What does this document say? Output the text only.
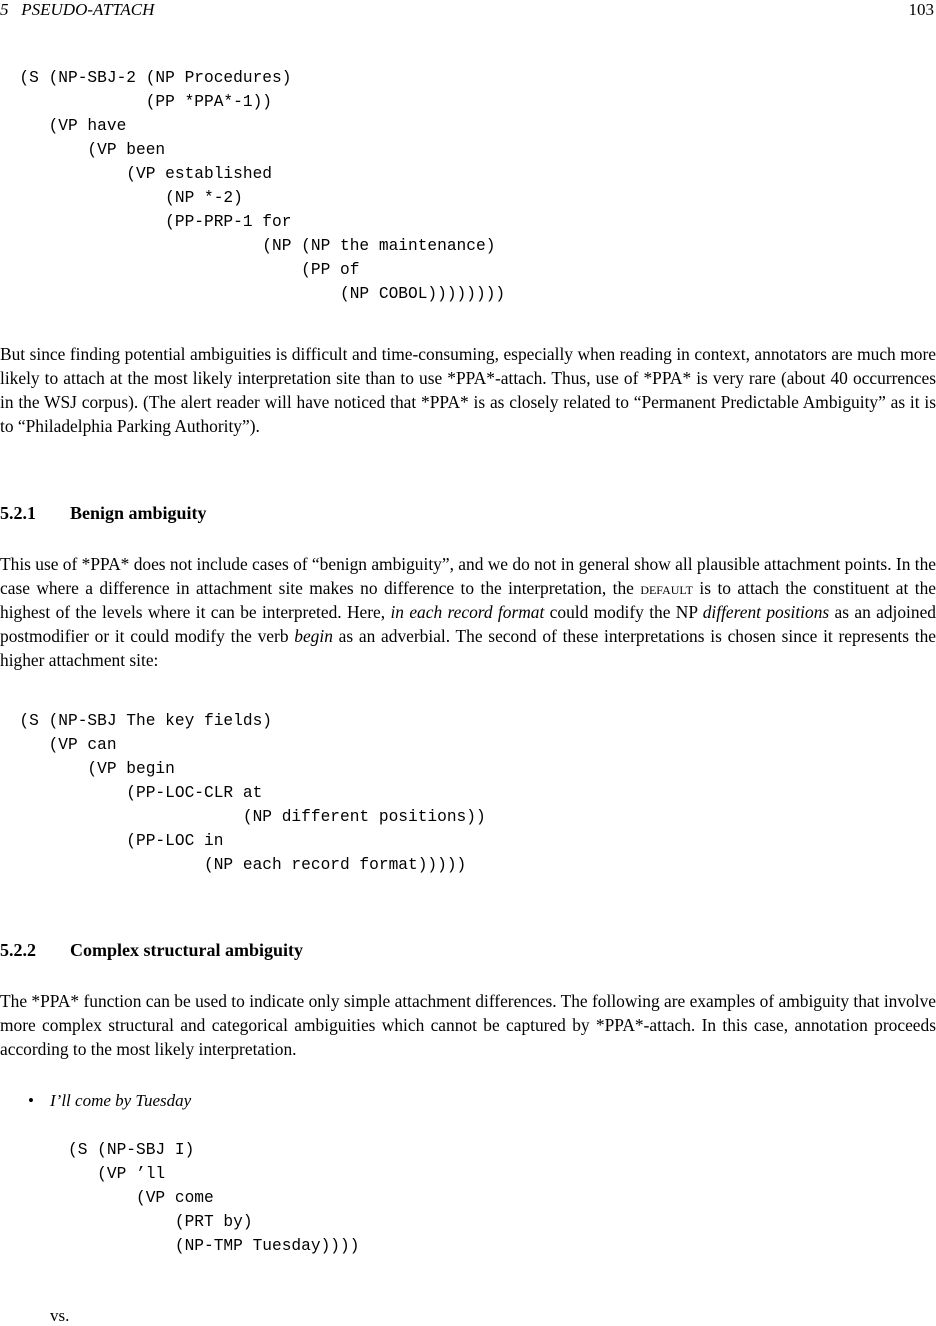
5   PSEUDO-ATTACH	103
(S (NP-SBJ-2 (NP Procedures)
(PP *PPA*-1))
(VP have
(VP been
(VP established
(NP *-2)
(PP-PRP-1 for
(NP (NP the maintenance)
(PP of
(NP COBOL))))))))

But since finding potential ambiguities is difficult and time-consuming, especially when reading in context, annotators are much more likely to attach at the most likely interpretation site than to use *PPA*-attach. Thus, use of *PPA* is very rare (about 40 occurrences in the WSJ corpus). (The alert reader will have noticed that *PPA* is as closely related to “Permanent Predictable Ambiguity” as it is to “Philadelphia Parking Authority”).

5.2.1 Benign ambiguity

This use of *PPA* does not include cases of “benign ambiguity”, and we do not in general show all plausible attachment points. In the case where a difference in attachment site makes no difference to the interpretation, the default is to attach the constituent at the highest of the levels where it can be interpreted. Here, in each record format could modify the NP different positions as an adjoined postmodifier or it could modify the verb begin as an adverbial. The second of these interpretations is chosen since it represents the higher attachment site:

(S (NP-SBJ The key fields)
(VP can
(VP begin
(PP-LOC-CLR at
(NP different positions))
(PP-LOC in
(NP each record format)))))
5.2.2 Complex structural ambiguity

The *PPA* function can be used to indicate only simple attachment differences. The following are examples of ambiguity that involve more complex structural and categorical ambiguities which cannot be captured by *PPA*-attach. In this case, annotation proceeds according to the most likely interpretation.

• I’ll come by Tuesday
(S (NP-SBJ I)
(VP ’ll
(VP come
(PRT by)
(NP-TMP Tuesday))))
vs.
